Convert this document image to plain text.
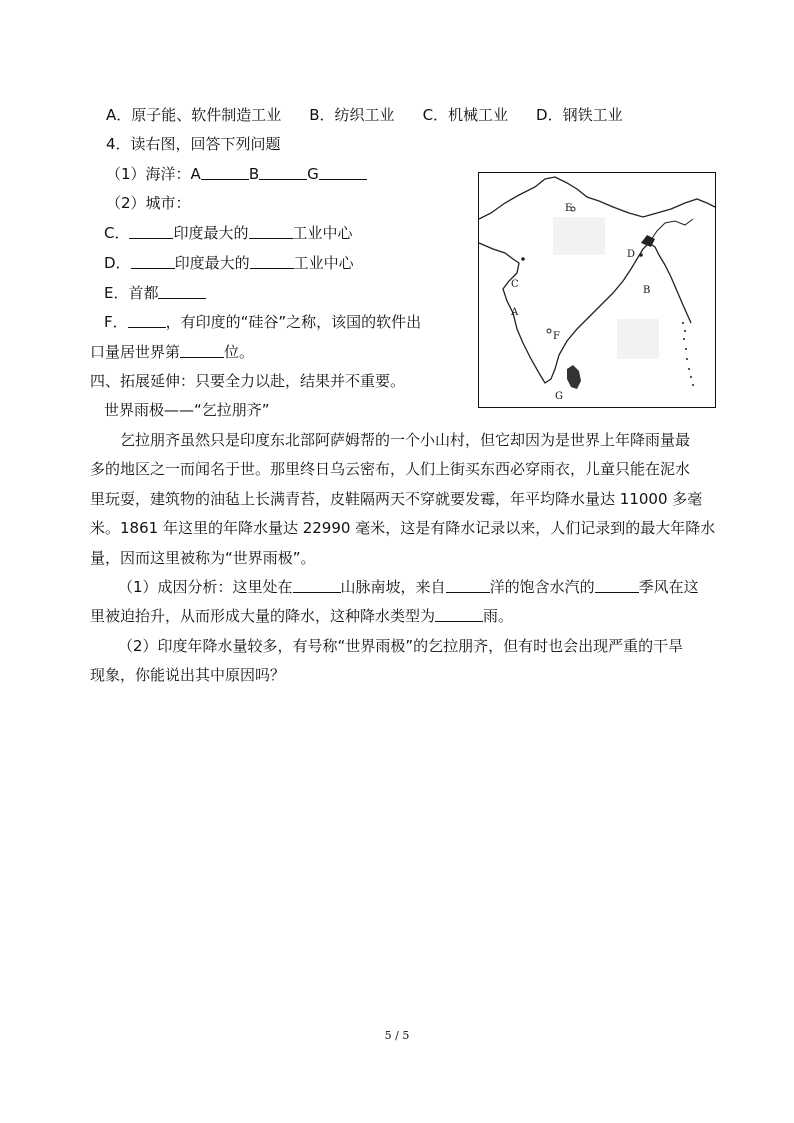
A．原子能、软件制造工业 B．纺织工业 C．机械工业 D．钢铁工业
4．读右图，回答下列问题
（1）海洋：A	B	G
（2）城市：
C．	印度最大的	工业中心
D．	印度最大的	工业中心
E．首都
F．	，有印度的“硅谷”之称，该国的软件出
口量居世界第	位。
E
D
C
A
B
F
G
四、拓展延伸：只要全力以赴，结果并不重要。
世界雨极——“乞拉朋齐”
乞拉朋齐虽然只是印度东北部阿萨姆帮的一个小山村，但它却因为是世界上年降雨量最
多的地区之一而闻名于世。那里终日乌云密布，人们上街买东西必穿雨衣，儿童只能在泥水
里玩耍，建筑物的油毡上长满青苔，皮鞋隔两天不穿就要发霉，年平均降水量达 11000 多毫
米。1861 年这里的年降水量达 22990 毫米，这是有降水记录以来，人们记录到的最大年降水
量，因而这里被称为“世界雨极”。
（1）成因分析：这里处在	山脉南坡，来自	洋的饱含水汽的	季风在这
里被迫抬升，从而形成大量的降水，这种降水类型为	雨。
（2）印度年降水量较多，有号称“世界雨极”的乞拉朋齐，但有时也会出现严重的干旱
现象，你能说出其中原因吗？
5 / 5
